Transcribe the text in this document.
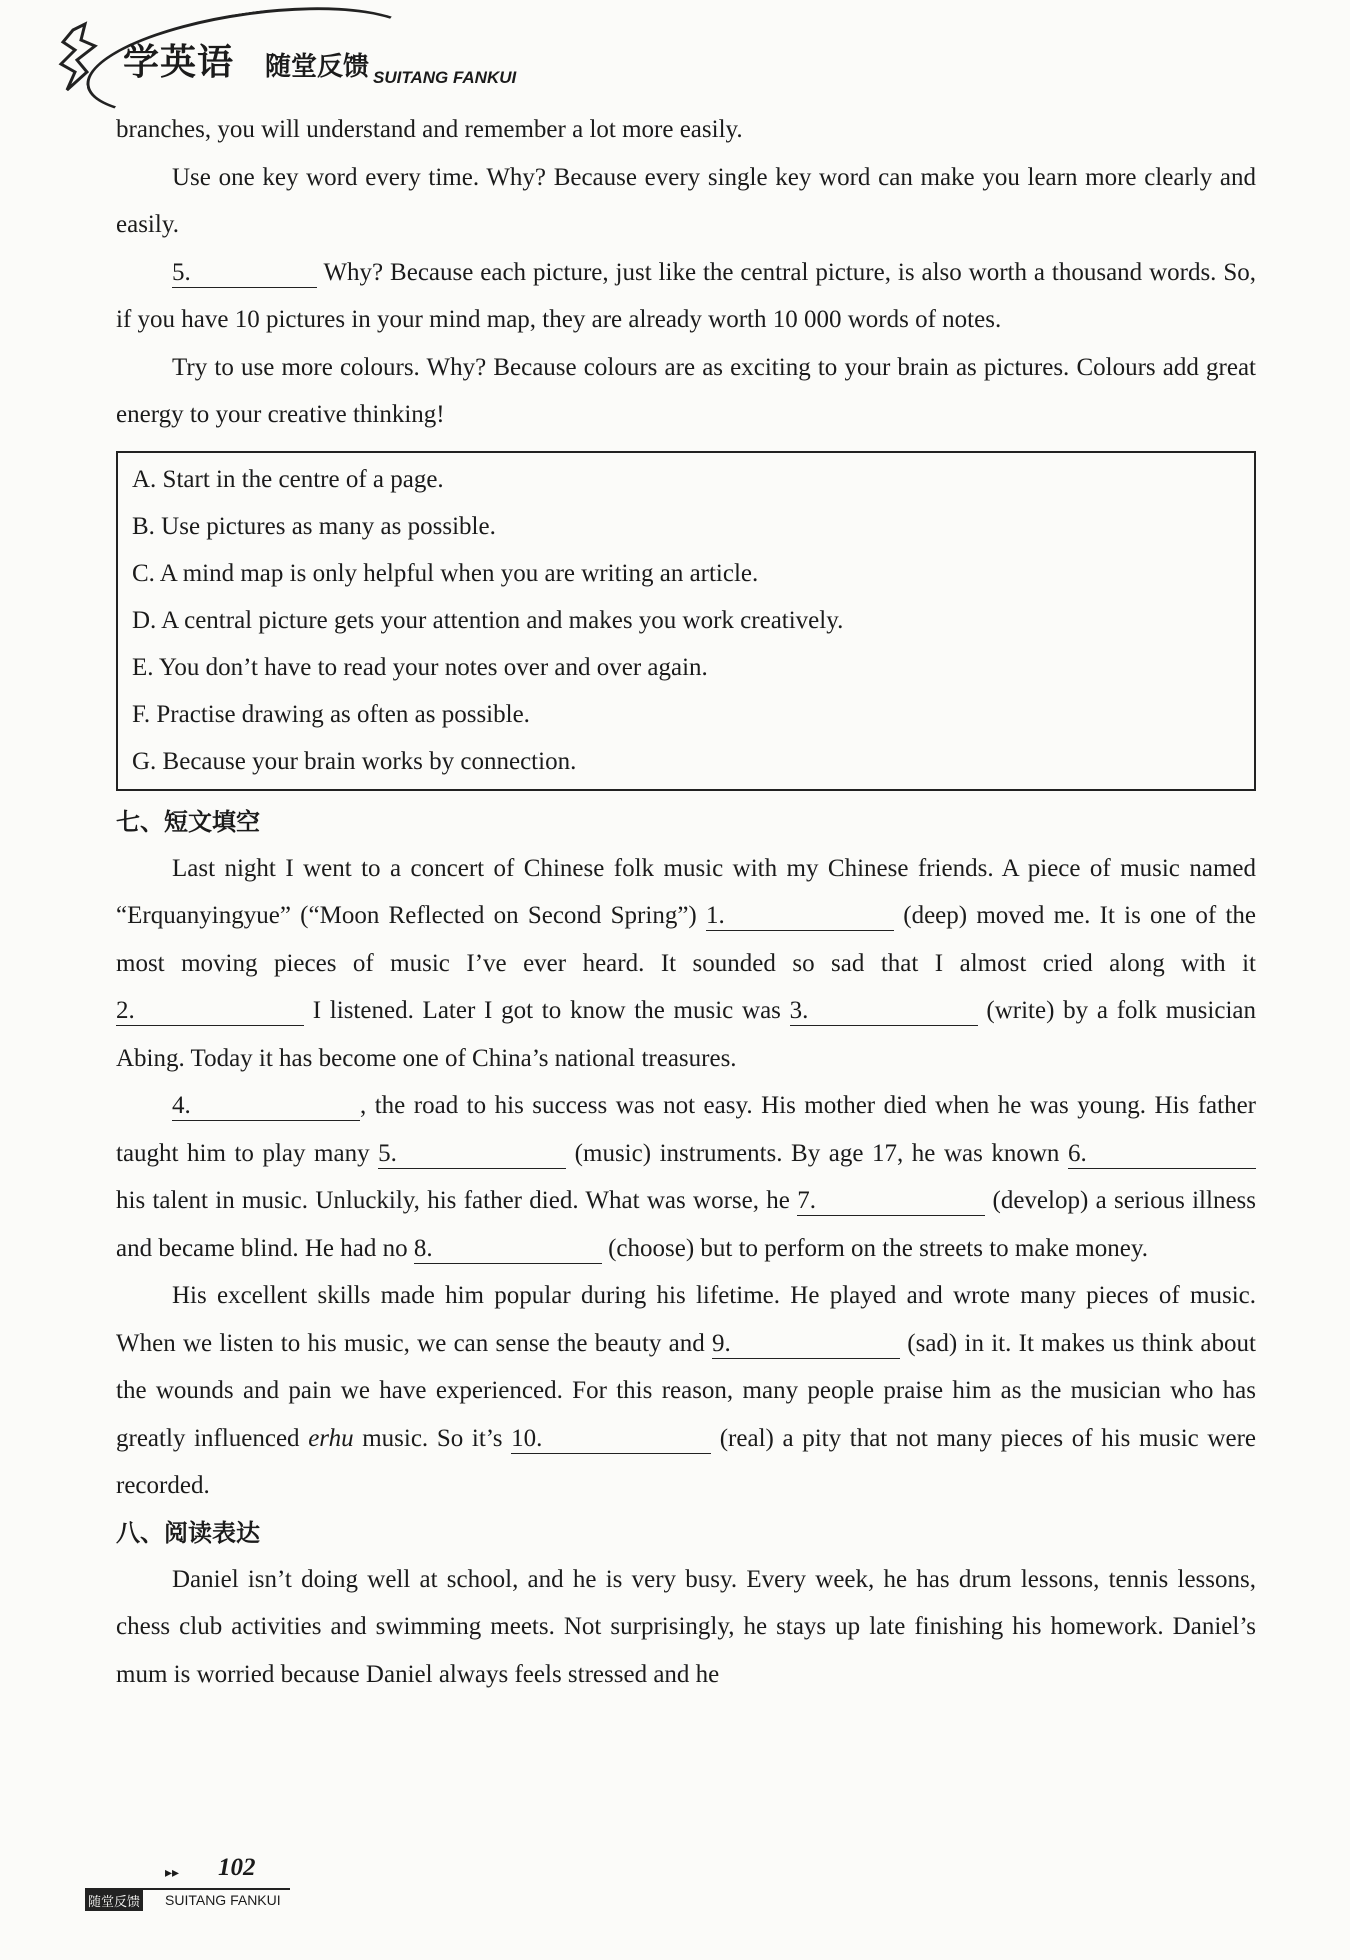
学英语 随堂反馈 SUITANG FANKUI

branches, you will understand and remember a lot more easily.

Use one key word every time. Why? Because every single key word can make you learn more clearly and easily.

5.	Why? Because each picture, just like the central picture, is also worth a thousand words. So, if you have 10 pictures in your mind map, they are already worth 10 000 words of notes.

Try to use more colours. Why? Because colours are as exciting to your brain as pictures. Colours add great energy to your creative thinking!

A. Start in the centre of a page.

B. Use pictures as many as possible.

C. A mind map is only helpful when you are writing an article.

D. A central picture gets your attention and makes you work creatively.

E. You don’t have to read your notes over and over again.

F. Practise drawing as often as possible.

G. Because your brain works by connection.

七、短文填空

Last night I went to a concert of Chinese folk music with my Chinese friends. A piece of music named “Erquanyingyue” (“Moon Reflected on Second Spring”) 1.	(deep) moved me. It is one of the most moving pieces of music I’ve ever heard. It sounded so sad that I almost cried along with it 2.	I listened. Later I got to know the music was 3.	(write) by a folk musician Abing. Today it has become one of China’s national treasures.

4.	, the road to his success was not easy. His mother died when he was young. His father taught him to play many 5.	(music) instruments. By age 17, he was known 6. his talent in music. Unluckily, his father died. What was worse, he 7.	(develop) a serious illness and became blind. He had no 8.	(choose) but to perform on the streets to make money.

His excellent skills made him popular during his lifetime. He played and wrote many pieces of music. When we listen to his music, we can sense the beauty and 9.	(sad) in it. It makes us think about the wounds and pain we have experienced. For this reason, many people praise him as the musician who has greatly influenced erhu music. So it’s 10.	(real) a pity that not many pieces of his music were recorded.

八、阅读表达

Daniel isn’t doing well at school, and he is very busy. Every week, he has drum lessons, tennis lessons, chess club activities and swimming meets. Not surprisingly, he stays up late finishing his homework. Daniel’s mum is worried because Daniel always feels stressed and he

▸▸ 102
随堂反馈 SUITANG FANKUI
